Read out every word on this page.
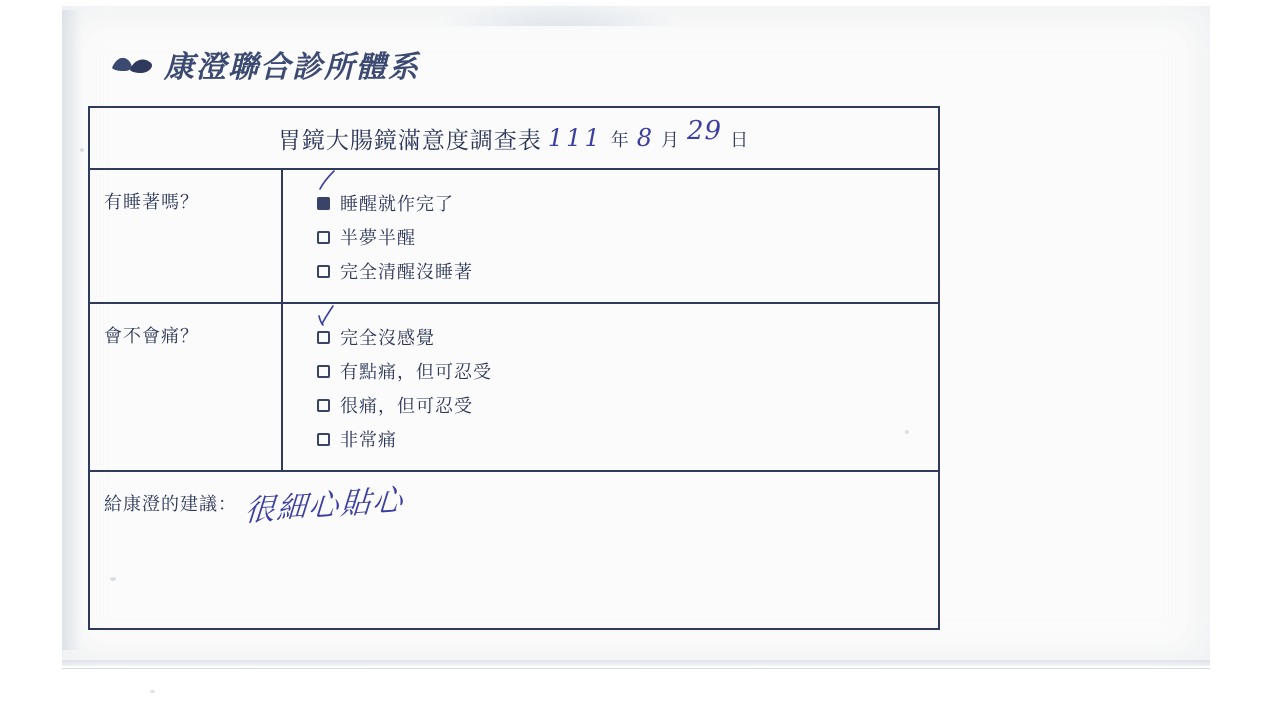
康澄聯合診所體系
胃鏡大腸鏡滿意度調查表 111 年 8 月 29 日
有睡著嗎？	睡醒就作完了
半夢半醒
完全清醒沒睡著
會不會痛？	完全沒感覺
有點痛，但可忍受
很痛，但可忍受
非常痛
給康澄的建議： 很細心貼心
